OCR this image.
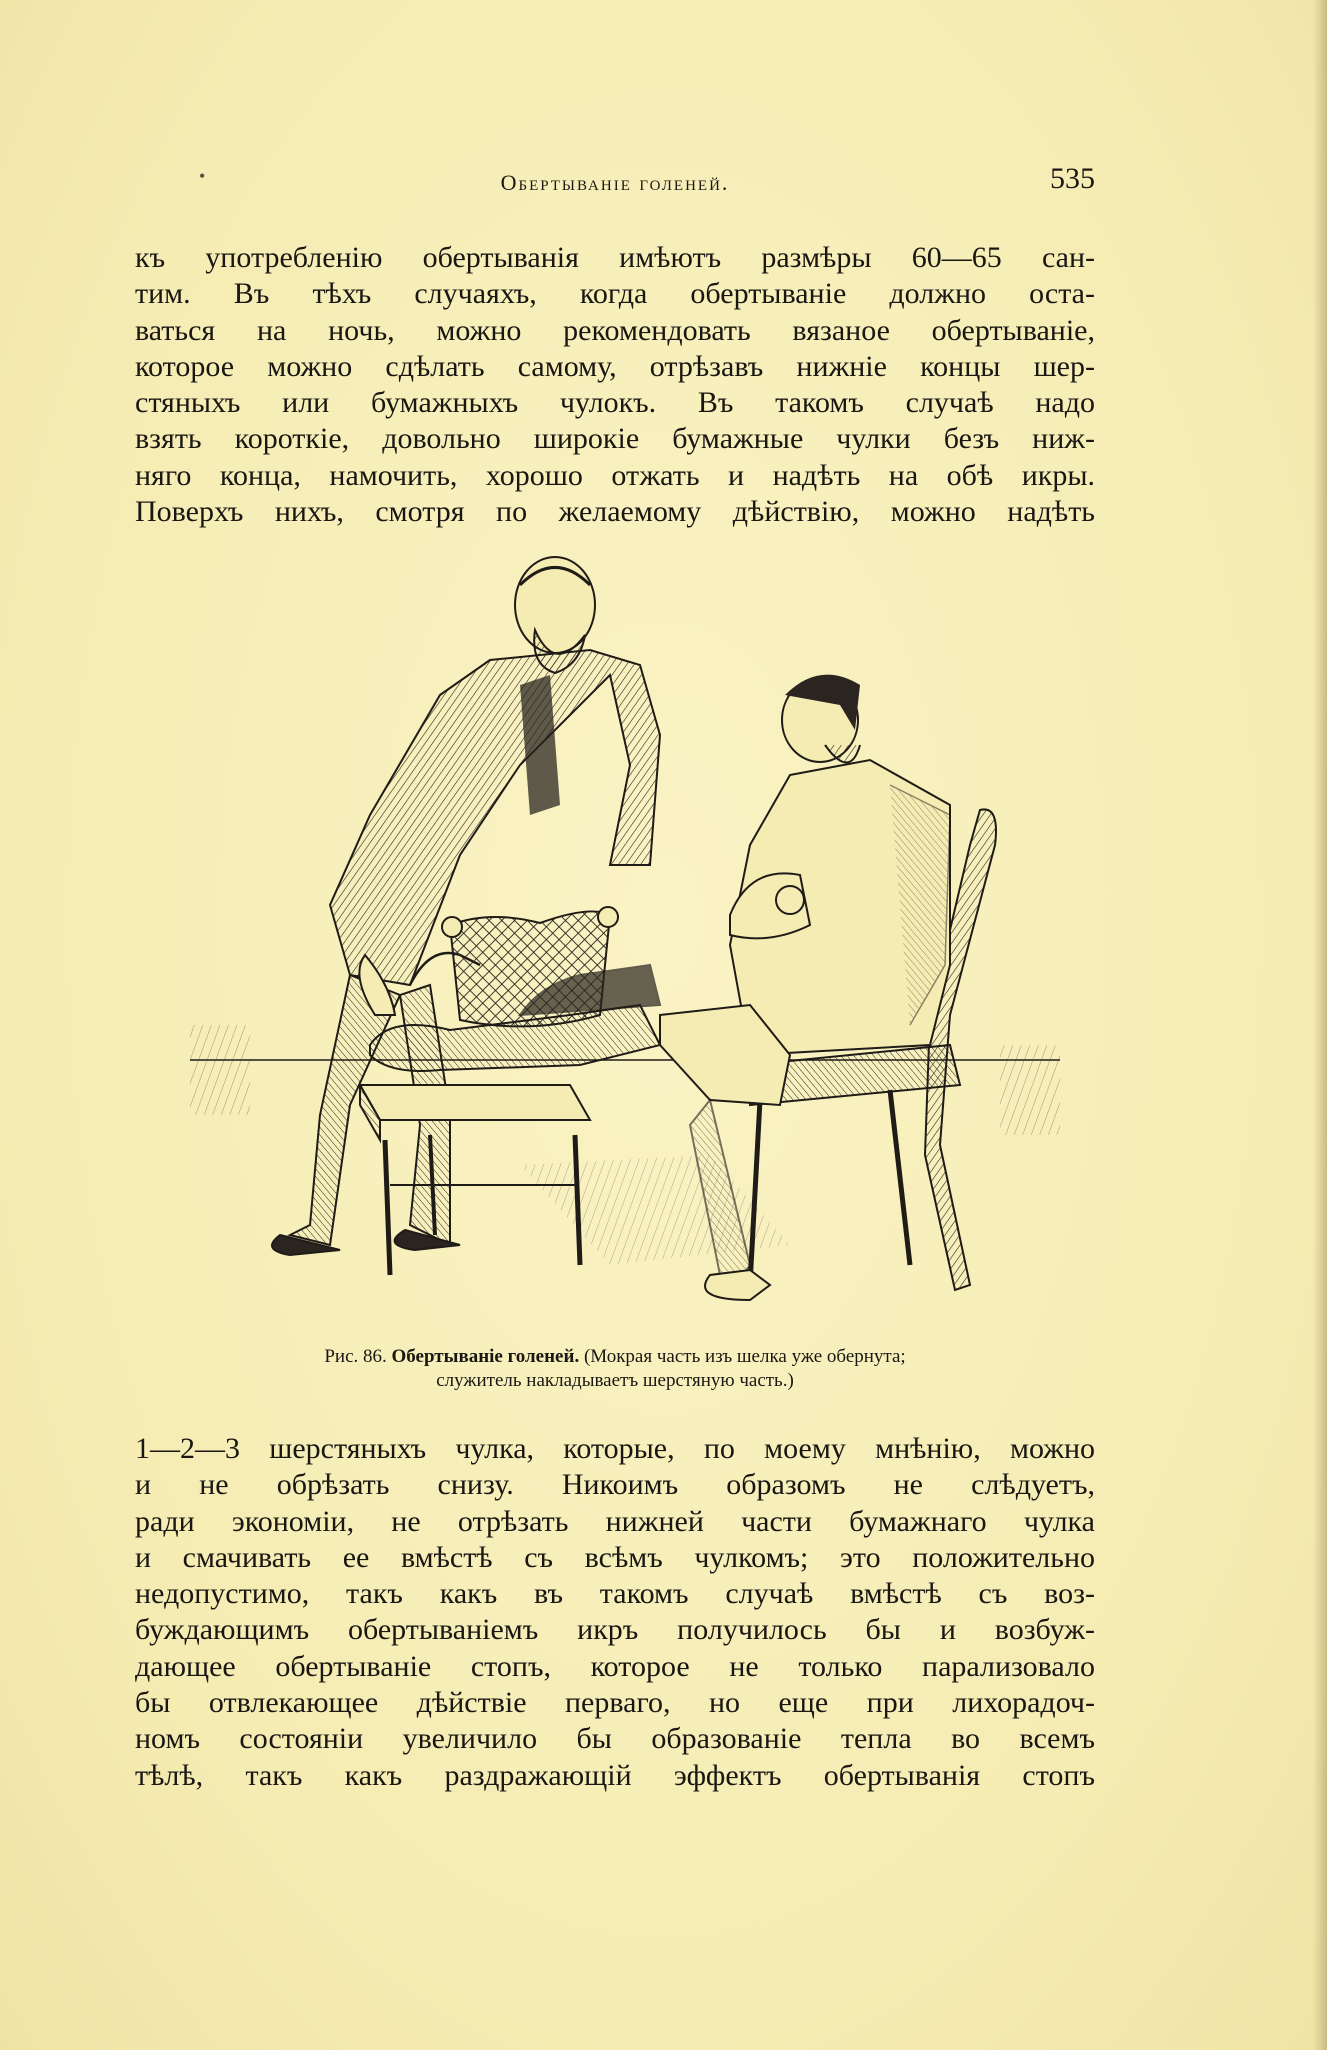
•	Обертываніе голеней.	535
къ употребленію обертыванія имѣютъ размѣры 60—65 сан-
тим. Въ тѣхъ случаяхъ, когда обертываніе должно оста-
ваться на ночь, можно рекомендовать вязаное обертываніе,
которое можно сдѣлать самому, отрѣзавъ нижніе концы шер-
стяныхъ или бумажныхъ чулокъ. Въ такомъ случаѣ надо
взять короткіе, довольно широкіе бумажные чулки безъ ниж-
няго конца, намочить, хорошо отжать и надѣть на обѣ икры.
Поверхъ нихъ, смотря по желаемому дѣйствію, можно надѣть
Рис. 86. Обертываніе голеней. (Мокрая часть изъ шелка уже обернута;
служитель накладываетъ шерстяную часть.)
1—2—3 шерстяныхъ чулка, которые, по моему мнѣнію, можно
и не обрѣзать снизу. Никоимъ образомъ не слѣдуетъ,
ради экономіи, не отрѣзать нижней части бумажнаго чулка
и смачивать ее вмѣстѣ съ всѣмъ чулкомъ; это положительно
недопустимо, такъ какъ въ такомъ случаѣ вмѣстѣ съ воз-
буждающимъ обертываніемъ икръ получилось бы и возбуж-
дающее обертываніе стопъ, которое не только парализовало
бы отвлекающее дѣйствіе перваго, но еще при лихорадоч-
номъ состояніи увеличило бы образованіе тепла во всемъ
тѣлѣ, такъ какъ раздражающій эффектъ обертыванія стопъ
